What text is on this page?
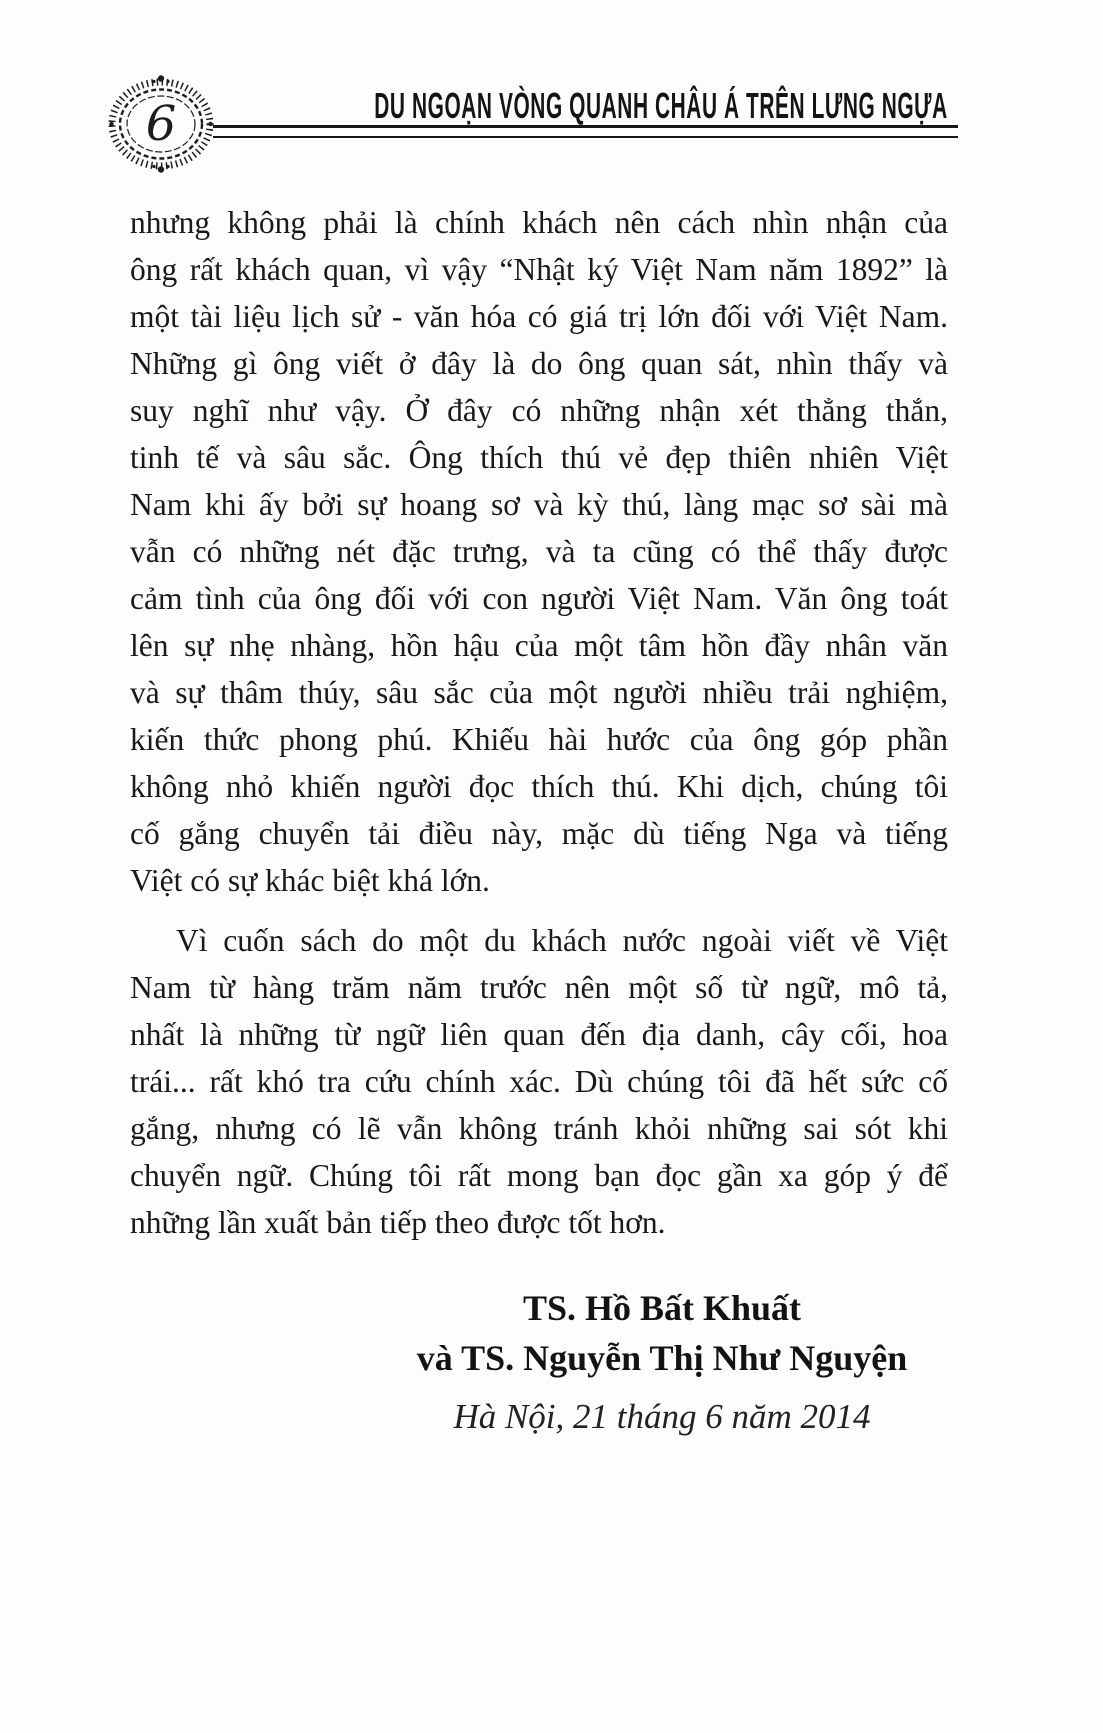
6	DU NGOẠN VÒNG QUANH CHÂU Á TRÊN LƯNG NGỰA
nhưng không phải là chính khách nên cách nhìn nhận của
ông rất khách quan, vì vậy “Nhật ký Việt Nam năm 1892” là
một tài liệu lịch sử - văn hóa có giá trị lớn đối với Việt Nam.
Những gì ông viết ở đây là do ông quan sát, nhìn thấy và
suy nghĩ như vậy. Ở đây có những nhận xét thẳng thắn,
tinh tế và sâu sắc. Ông thích thú vẻ đẹp thiên nhiên Việt
Nam khi ấy bởi sự hoang sơ và kỳ thú, làng mạc sơ sài mà
vẫn có những nét đặc trưng, và ta cũng có thể thấy được
cảm tình của ông đối với con người Việt Nam. Văn ông toát
lên sự nhẹ nhàng, hồn hậu của một tâm hồn đầy nhân văn
và sự thâm thúy, sâu sắc của một người nhiều trải nghiệm,
kiến thức phong phú. Khiếu hài hước của ông góp phần
không nhỏ khiến người đọc thích thú. Khi dịch, chúng tôi
cố gắng chuyển tải điều này, mặc dù tiếng Nga và tiếng
Việt có sự khác biệt khá lớn.
Vì cuốn sách do một du khách nước ngoài viết về Việt
Nam từ hàng trăm năm trước nên một số từ ngữ, mô tả,
nhất là những từ ngữ liên quan đến địa danh, cây cối, hoa
trái... rất khó tra cứu chính xác. Dù chúng tôi đã hết sức cố
gắng, nhưng có lẽ vẫn không tránh khỏi những sai sót khi
chuyển ngữ. Chúng tôi rất mong bạn đọc gần xa góp ý để
những lần xuất bản tiếp theo được tốt hơn.
TS. Hồ Bất Khuất
và TS. Nguyễn Thị Như Nguyện
Hà Nội, 21 tháng 6 năm 2014
